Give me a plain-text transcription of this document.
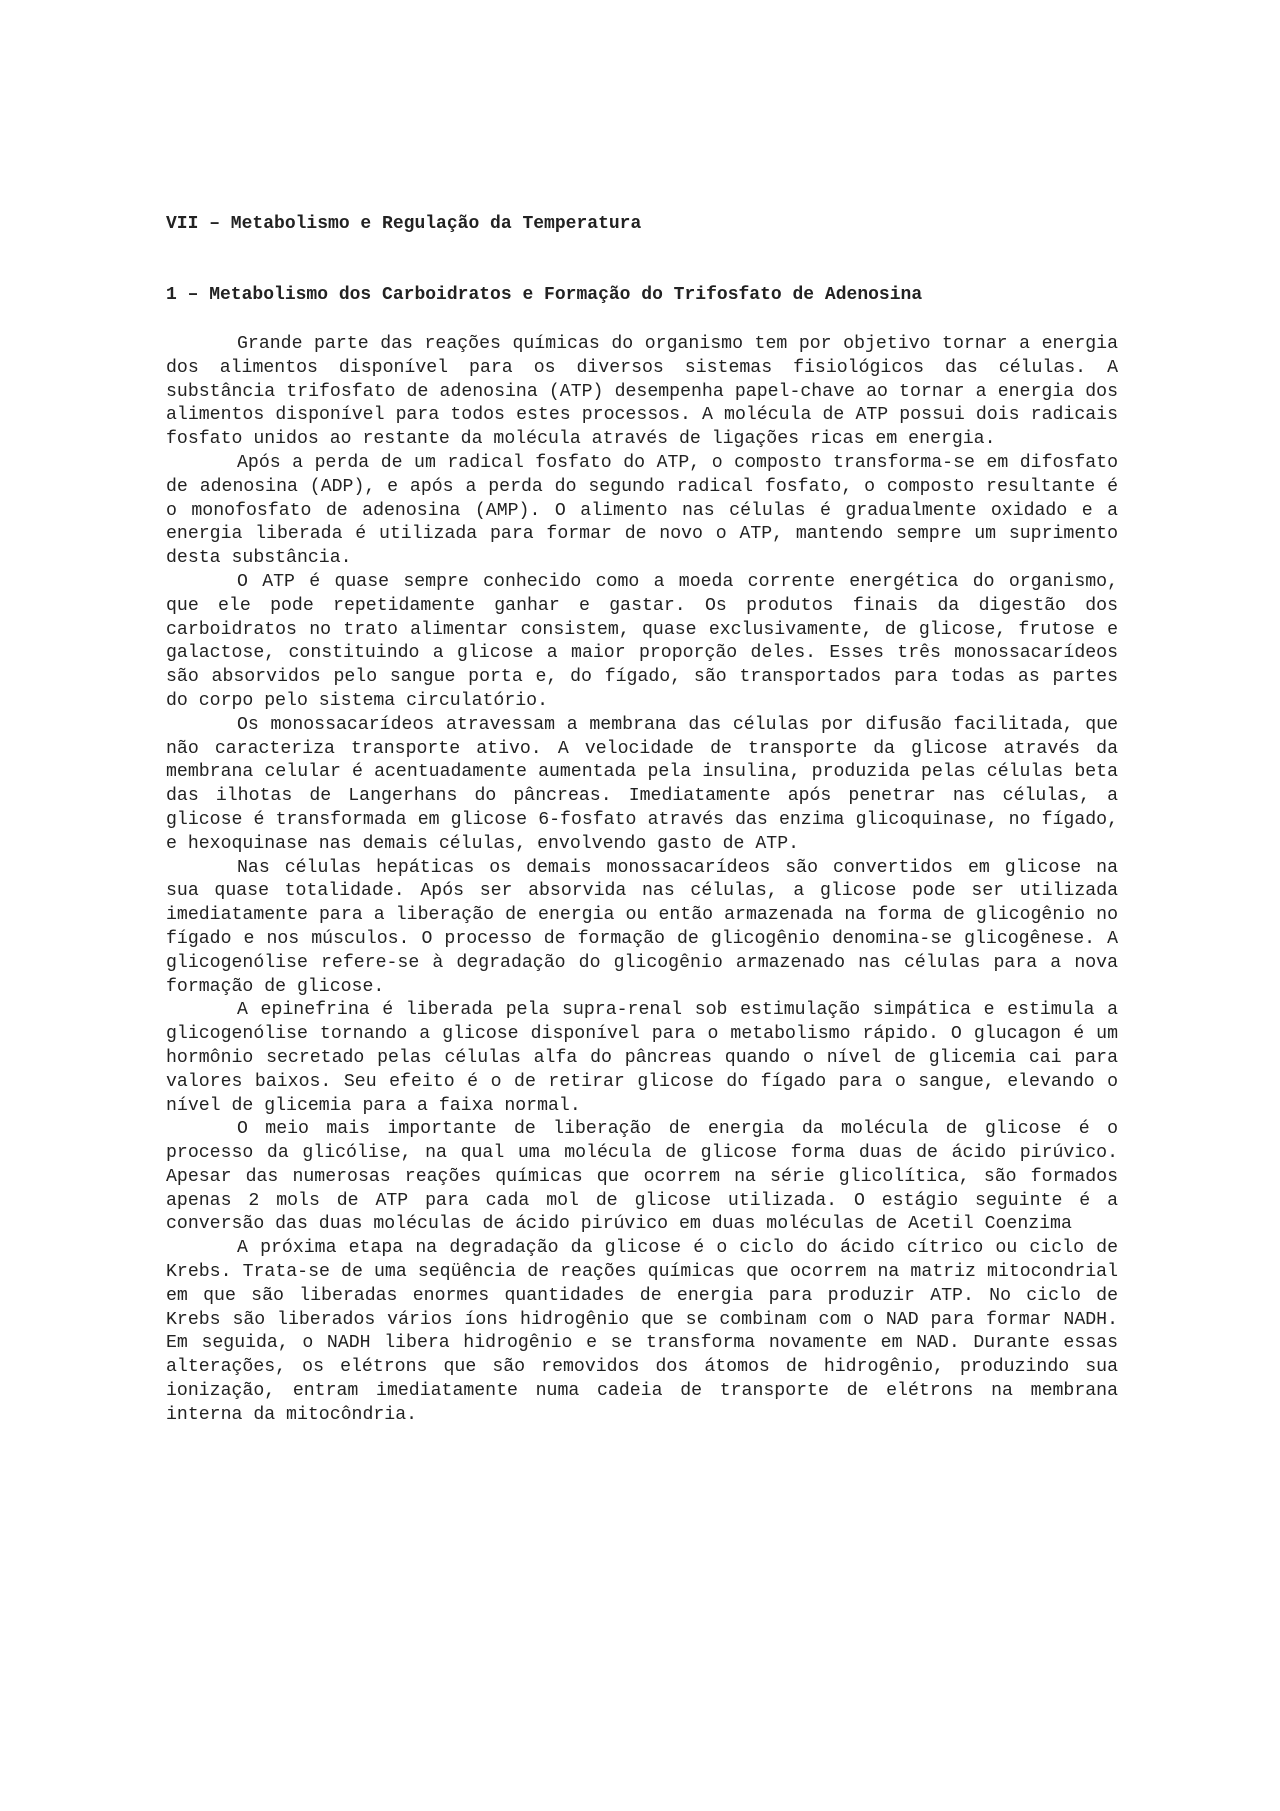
VII – Metabolismo e Regulação da Temperatura
1 – Metabolismo dos Carboidratos e Formação do Trifosfato de Adenosina

Grande parte das reações químicas do organismo tem por objetivo tornar a energia dos alimentos disponível para os diversos sistemas fisiológicos das células. A substância trifosfato de adenosina (ATP) desempenha papel-chave ao tornar a energia dos alimentos disponível para todos estes processos. A molécula de ATP possui dois radicais fosfato unidos ao restante da molécula através de ligações ricas em energia.

Após a perda de um radical fosfato do ATP, o composto transforma-se em difosfato de adenosina (ADP), e após a perda do segundo radical fosfato, o composto resultante é o monofosfato de adenosina (AMP). O alimento nas células é gradualmente oxidado e a energia liberada é utilizada para formar de novo o ATP, mantendo sempre um suprimento desta substância.

O ATP é quase sempre conhecido como a moeda corrente energética do organismo, que ele pode repetidamente ganhar e gastar. Os produtos finais da digestão dos carboidratos no trato alimentar consistem, quase exclusivamente, de glicose, frutose e galactose, constituindo a glicose a maior proporção deles. Esses três monossacarídeos são absorvidos pelo sangue porta e, do fígado, são transportados para todas as partes do corpo pelo sistema circulatório.

Os monossacarídeos atravessam a membrana das células por difusão facilitada, que não caracteriza transporte ativo. A velocidade de transporte da glicose através da membrana celular é acentuadamente aumentada pela insulina, produzida pelas células beta das ilhotas de Langerhans do pâncreas. Imediatamente após penetrar nas células, a glicose é transformada em glicose 6-fosfato através das enzima glicoquinase, no fígado, e hexoquinase nas demais células, envolvendo gasto de ATP.

Nas células hepáticas os demais monossacarídeos são convertidos em glicose na sua quase totalidade. Após ser absorvida nas células, a glicose pode ser utilizada imediatamente para a liberação de energia ou então armazenada na forma de glicogênio no fígado e nos músculos. O processo de formação de glicogênio denomina-se glicogênese. A glicogenólise refere-se à degradação do glicogênio armazenado nas células para a nova formação de glicose.

A epinefrina é liberada pela supra-renal sob estimulação simpática e estimula a glicogenólise tornando a glicose disponível para o metabolismo rápido. O glucagon é um hormônio secretado pelas células alfa do pâncreas quando o nível de glicemia cai para valores baixos. Seu efeito é o de retirar glicose do fígado para o sangue, elevando o nível de glicemia para a faixa normal.

O meio mais importante de liberação de energia da molécula de glicose é o processo da glicólise, na qual uma molécula de glicose forma duas de ácido pirúvico. Apesar das numerosas reações químicas que ocorrem na série glicolítica, são formados apenas 2 mols de ATP para cada mol de glicose utilizada. O estágio seguinte é a conversão das duas moléculas de ácido pirúvico em duas moléculas de Acetil Coenzima

A próxima etapa na degradação da glicose é o ciclo do ácido cítrico ou ciclo de Krebs. Trata-se de uma seqüência de reações químicas que ocorrem na matriz mitocondrial em que são liberadas enormes quantidades de energia para produzir ATP. No ciclo de Krebs são liberados vários íons hidrogênio que se combinam com o NAD para formar NADH. Em seguida, o NADH libera hidrogênio e se transforma novamente em NAD. Durante essas alterações, os elétrons que são removidos dos átomos de hidrogênio, produzindo sua ionização, entram imediatamente numa cadeia de transporte de elétrons na membrana interna da mitocôndria.
